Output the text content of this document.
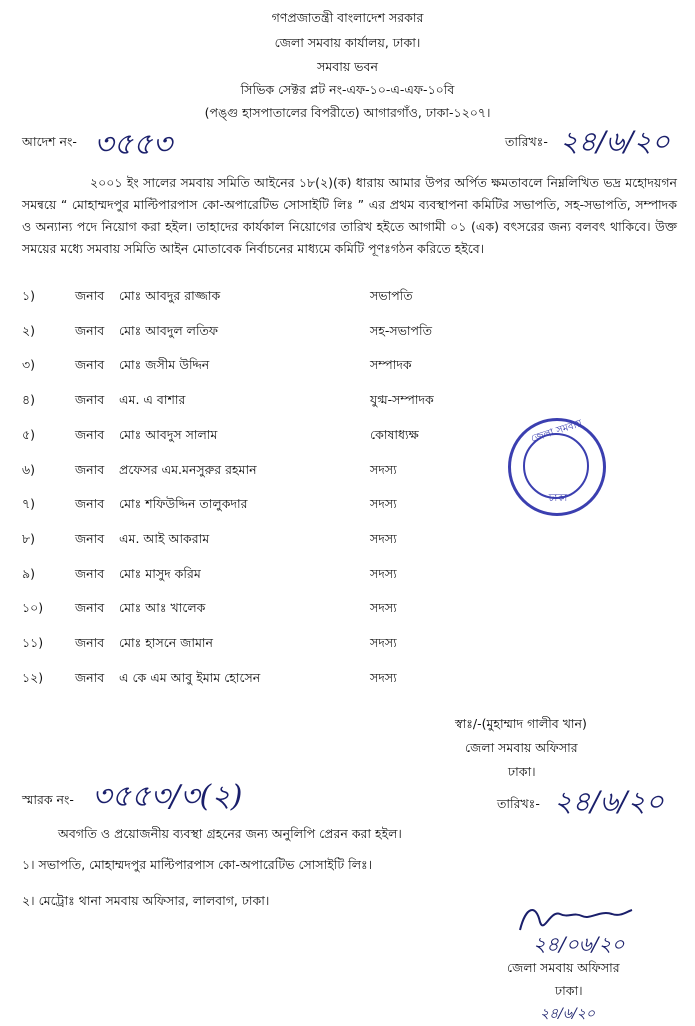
গণপ্রজাতন্ত্রী বাংলাদেশ সরকার
জেলা সমবায় কার্যালয়, ঢাকা।
সমবায় ভবন
সিভিক সেক্টর প্লট নং-এফ-১০-এ-এফ-১০বি
(পঙ্গু হাসপাতালের বিপরীতে) আগারগাঁও, ঢাকা-১২০৭।
আদেশ নং- ৩৫৫৩	তারিখঃ- ২৪/৬/২০
২০০১ ইং সালের সমবায় সমিতি আইনের ১৮(২)(ক) ধারায় আমার উপর অর্পিত ক্ষমতাবলে নিম্নলিখিত ভদ্র মহোদয়গন সমন্বয়ে “ মোহাম্মদপুর মাল্টিপারপাস কো-অপারেটিভ সোসাইটি লিঃ ” এর প্রথম ব্যবস্থাপনা কমিটির সভাপতি, সহ-সভাপতি, সম্পাদক ও অন্যান্য পদে নিয়োগ করা হইল। তাহাদের কার্যকাল নিয়োগের তারিখ হইতে আগামী ০১ (এক) বৎসরের জন্য বলবৎ থাকিবে। উক্ত সময়ের মধ্যে সমবায় সমিতি আইন মোতাবেক নির্বাচনের মাধ্যমে কমিটি পূণঃগঠন করিতে হইবে।
১)	জনাব মোঃ আবদুর রাজ্জাক	সভাপতি
২)	জনাব মোঃ আবদুল লতিফ	সহ-সভাপতি
৩)	জনাব মোঃ জসীম উদ্দিন	সম্পাদক
৪)	জনাব এম. এ বাশার	যুগ্ম-সম্পাদক
৫)	জনাব মোঃ আবদুস সালাম	কোষাধ্যক্ষ
৬)	জনাব প্রফেসর এম.মনসুরুর রহমান	সদস্য
৭)	জনাব মোঃ শফিউদ্দিন তালুকদার	সদস্য
৮)	জনাব এম. আই আকরাম	সদস্য
৯)	জনাব মোঃ মাসুদ করিম	সদস্য
১০)	জনাব মোঃ আঃ খালেক	সদস্য
১১)	জনাব মোঃ হাসনে জামান	সদস্য
১২)	জনাব এ কে এম আবু ইমাম হোসেন	সদস্য
জেলা সমবায়
ঢাকা
স্বাঃ/-(মুহাম্মাদ গালীব খান)
জেলা সমবায় অফিসার
ঢাকা।
স্মারক নং- ৩৫৫৩/৩(২)	তারিখঃ- ২৪/৬/২০
অবগতি ও প্রয়োজনীয় ব্যবস্থা গ্রহনের জন্য অনুলিপি প্রেরন করা হইল।
১। সভাপতি, মোহাম্মদপুর মাল্টিপারপাস কো-অপারেটিভ সোসাইটি লিঃ।
২। মেট্রোঃ থানা সমবায় অফিসার, লালবাগ, ঢাকা।
২৪/০৬/২০
জেলা সমবায় অফিসার
ঢাকা।
২৪/৬/২০
